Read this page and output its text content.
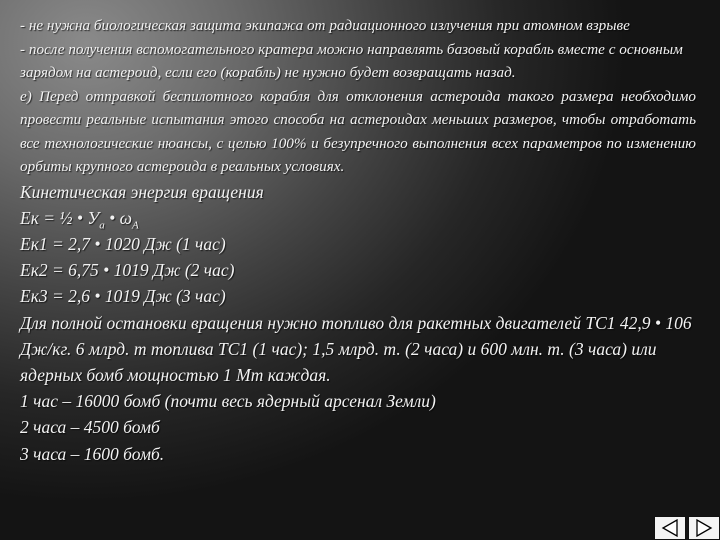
- не нужна биологическая защита экипажа от радиационного излучения при атомном взрыве

- после получения вспомогательного кратера можно направлять базовый корабль вместе с основным зарядом на астероид, если его (корабль) не нужно будет возвращать назад.

е) Перед отправкой беспилотного корабля для отклонения астероида такого размера необходимо провести реальные испытания этого способа на астероидах меньших размеров, чтобы отработать все технологические нюансы, с целью 100% и безупречного выполнения всех параметров по изменению орбиты крупного астероида в реальных условиях.

Кинетическая энергия вращения

Ек = ½ • $У_а$ • $\omega_А$

Ек1 = 2,7 • 1020 Дж (1 час)

Ек2 = 6,75 • 1019 Дж (2 час)

Ек3 = 2,6 • 1019 Дж (3 час)

Для полной остановки вращения нужно топливо для ракетных двигателей ТС1 42,9 • 106 Дж/кг. 6 млрд. т топлива ТС1 (1 час); 1,5 млрд. т. (2 часа) и 600 млн. т. (3 часа) или ядерных бомб мощностью 1 Мт каждая.

1 час – 16000 бомб (почти весь ядерный арсенал Земли)

2 часа – 4500 бомб

3 часа – 1600 бомб.
